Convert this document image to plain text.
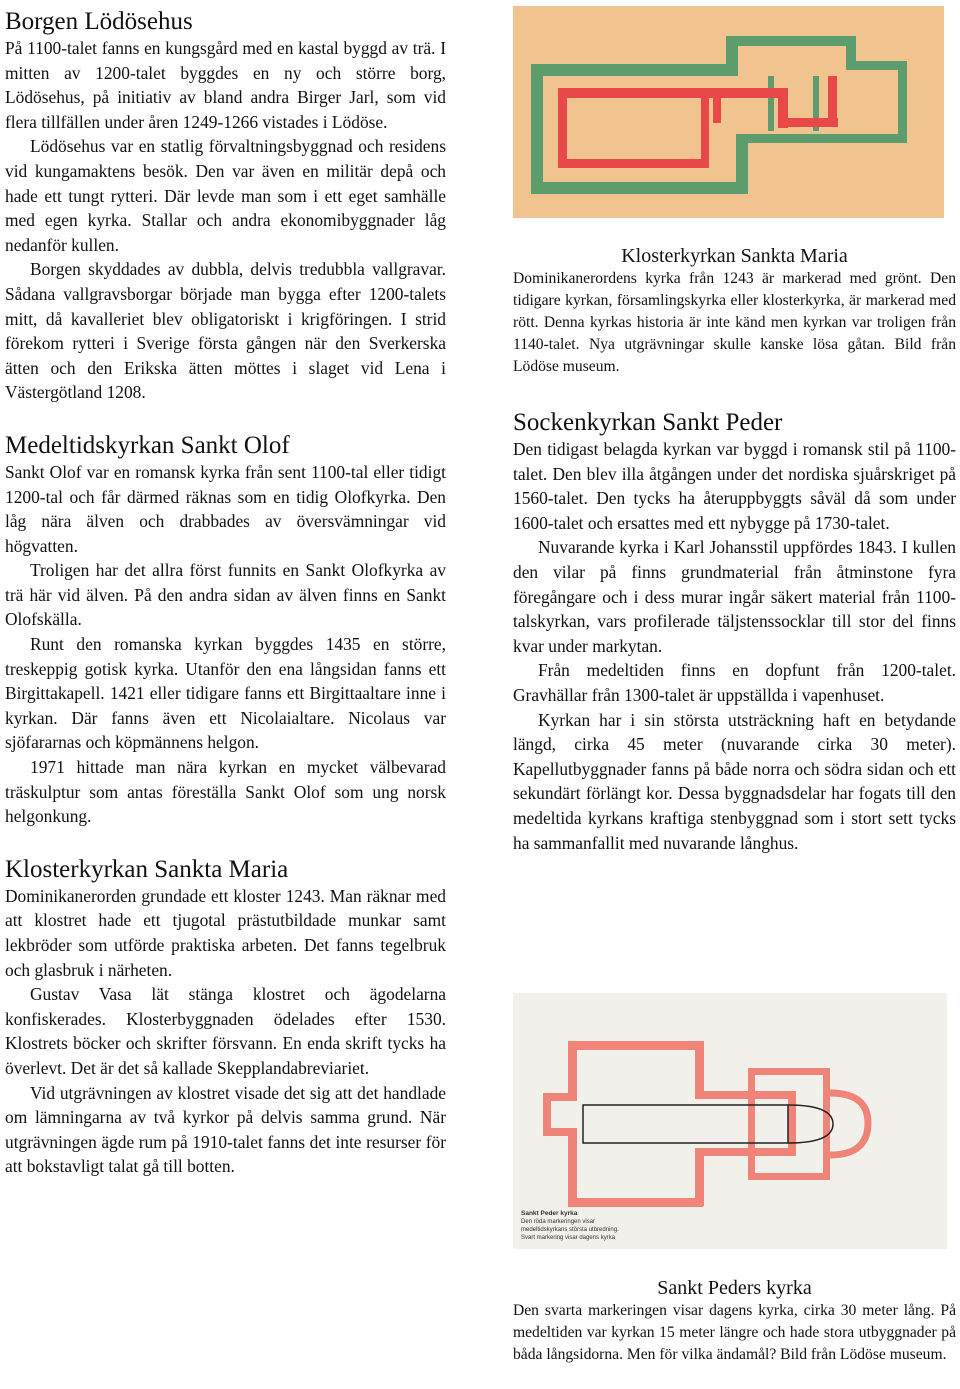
Borgen Lödösehus

På 1100-talet fanns en kungsgård med en kastal byggd av trä. I mitten av 1200-talet byggdes en ny och större borg, Lödösehus, på initiativ av bland andra Birger Jarl, som vid flera tillfällen under åren 1249-1266 vistades i Lödöse.

Lödösehus var en statlig förvaltningsbyggnad och residens vid kungamaktens besök. Den var även en militär depå och hade ett tungt rytteri. Där levde man som i ett eget samhälle med egen kyrka. Stallar och andra ekonomibyggnader låg nedanför kullen.

Borgen skyddades av dubbla, delvis tredubbla vallgravar. Sådana vallgravsborgar började man bygga efter 1200-talets mitt, då kavalleriet blev obligatoriskt i krigföringen. I strid förekom rytteri i Sverige första gången när den Sverkerska ätten och den Erikska ätten möttes i slaget vid Lena i Västergötland 1208.

Medeltidskyrkan Sankt Olof

Sankt Olof var en romansk kyrka från sent 1100-tal eller tidigt 1200-tal och får därmed räknas som en tidig Olofkyrka. Den låg nära älven och drabbades av översvämningar vid högvatten.

Troligen har det allra först funnits en Sankt Olofkyrka av trä här vid älven. På den andra sidan av älven finns en Sankt Olofskälla.

Runt den romanska kyrkan byggdes 1435 en större, treskeppig gotisk kyrka. Utanför den ena långsidan fanns ett Birgittakapell. 1421 eller tidigare fanns ett Birgittaaltare inne i kyrkan. Där fanns även ett Nicolaialtare. Nicolaus var sjöfararnas och köpmännens helgon.

1971 hittade man nära kyrkan en mycket välbevarad träskulptur som antas föreställa Sankt Olof som ung norsk helgonkung.

Klosterkyrkan Sankta Maria

Dominikanerorden grundade ett kloster 1243. Man räknar med att klostret hade ett tjugotal prästutbildade munkar samt lekbröder som utförde praktiska arbeten. Det fanns tegelbruk och glasbruk i närheten.

Gustav Vasa lät stänga klostret och ägodelarna konfiskerades. Klosterbyggnaden ödelades efter 1530. Klostrets böcker och skrifter försvann. En enda skrift tycks ha överlevt. Det är det så kallade Skepplandabreviariet.

Vid utgrävningen av klostret visade det sig att det handlade om lämningarna av två kyrkor på delvis samma grund. När utgrävningen ägde rum på 1910-talet fanns det inte resurser för att bokstavligt talat gå till botten.

Klosterkyrkan Sankta Maria

Dominikanerordens kyrka från 1243 är markerad med grönt. Den tidigare kyrkan, församlingskyrka eller klosterkyrka, är markerad med rött. Denna kyrkas historia är inte känd men kyrkan var troligen från 1140-talet. Nya utgrävningar skulle kanske lösa gåtan. Bild från Lödöse museum.

Sockenkyrkan Sankt Peder

Den tidigast belagda kyrkan var byggd i romansk stil på 1100-talet. Den blev illa åtgången under det nordiska sjuårskriget på 1560-talet. Den tycks ha återuppbyggts såväl då som under 1600-talet och ersattes med ett nybygge på 1730-talet.

Nuvarande kyrka i Karl Johansstil uppfördes 1843. I kullen den vilar på finns grundmaterial från åtminstone fyra föregångare och i dess murar ingår säkert material från 1100-talskyrkan, vars profilerade täljstenssocklar till stor del finns kvar under markytan.

Från medeltiden finns en dopfunt från 1200-talet. Gravhällar från 1300-talet är uppställda i vapenhuset.

Kyrkan har i sin största utsträckning haft en betydande längd, cirka 45 meter (nuvarande cirka 30 meter). Kapellutbyggnader fanns på både norra och södra sidan och ett sekundärt förlängt kor. Dessa byggnadsdelar har fogats till den medeltida kyrkans kraftiga stenbyggnad som i stort sett tycks ha sammanfallit med nuvarande långhus.

Sankt Peder kyrka
Den röda markeringen visar
medeltidskyrkans största utbredning.
Svart markering visar dagens kyrka
Sankt Peders kyrka

Den svarta markeringen visar dagens kyrka, cirka 30 meter lång. På medeltiden var kyrkan 15 meter längre och hade stora utbyggnader på båda långsidorna. Men för vilka ändamål? Bild från Lödöse museum.
